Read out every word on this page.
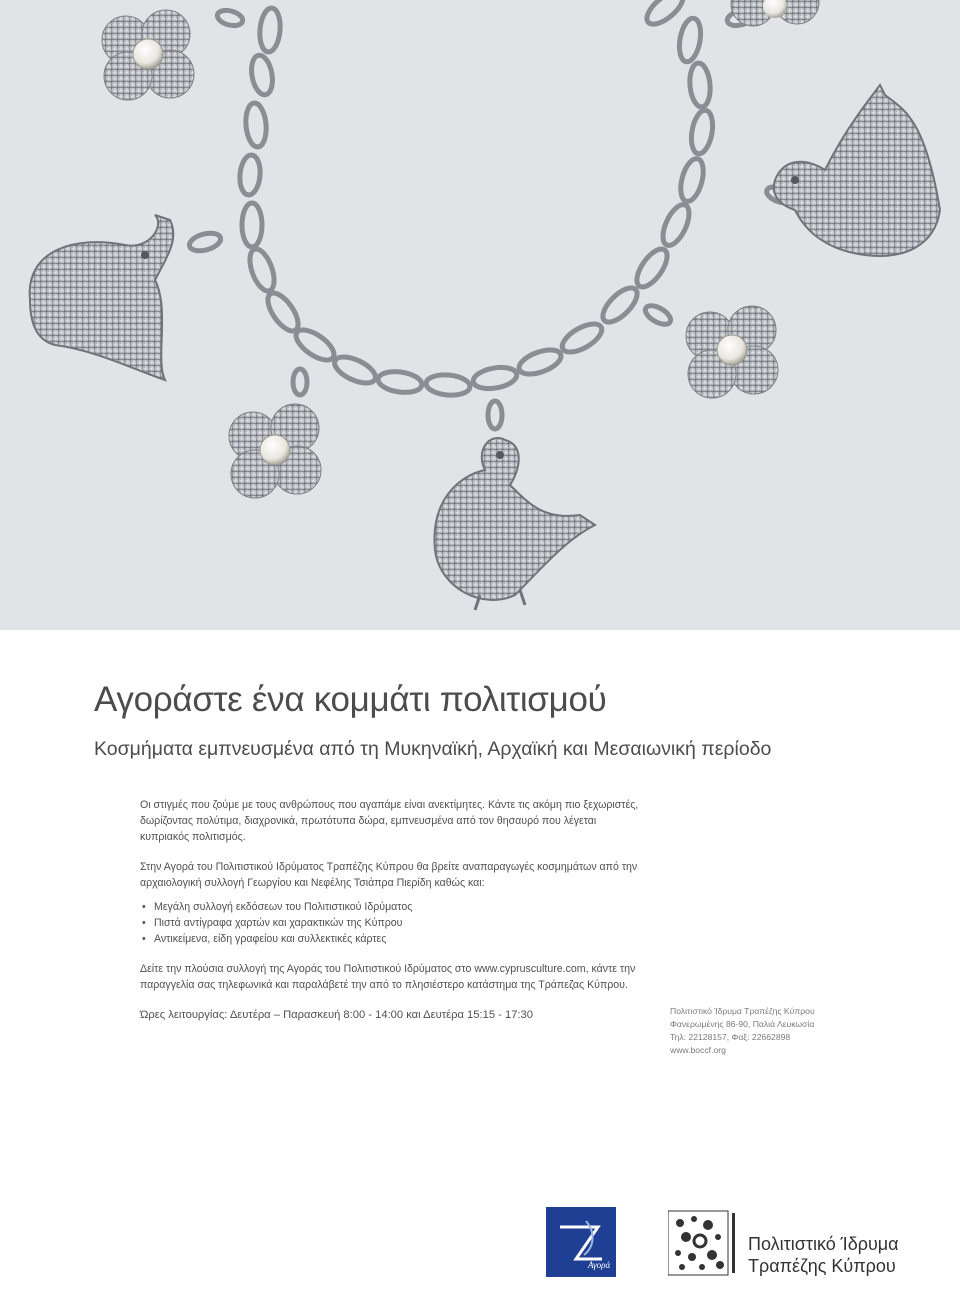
Αγοράστε ένα κομμάτι πολιτισμού
Κοσμήματα εμπνευσμένα από τη Μυκηναϊκή, Αρχαϊκή και Μεσαιωνική περίοδο

Οι στιγμές που ζούμε με τους ανθρώπους που αγαπάμε είναι ανεκτίμητες. Κάντε τις ακόμη πιο ξεχωριστές, δωρίζοντας πολύτιμα, διαχρονικά, πρωτότυπα δώρα, εμπνευσμένα από τον θησαυρό που λέγεται κυπριακός πολιτισμός.

Στην Αγορά του Πολιτιστικού Ιδρύματος Τραπέζης Κύπρου θα βρείτε αναπαραγωγές κοσμημάτων από την αρχαιολογική συλλογή Γεωργίου και Νεφέλης Τσιάπρα Πιερίδη καθώς και:

• Μεγάλη συλλογή εκδόσεων του Πολιτιστικού Ιδρύματος
• Πιστά αντίγραφα χαρτών και χαρακτικών της Κύπρου
• Αντικείμενα, είδη γραφείου και συλλεκτικές κάρτες

Δείτε την πλούσια συλλογή της Αγοράς του Πολιτιστικού Ιδρύματος στο www.cyprusculture.com, κάντε την παραγγελία σας τηλεφωνικά και παραλάβετέ την από το πλησιέστερο κατάστημα της Τράπεζας Κύπρου.

Ώρες λειτουργίας: Δευτέρα – Παρασκευή 8:00 - 14:00 και Δευτέρα 15:15 - 17:30	Πολιτιστικό Ίδρυμα Τραπέζης Κύπρου
Φανερωμένης 86-90, Παλιά Λευκωσία
Τηλ: 22128157, Φαξ: 22662898
www.boccf.org
Αγορά
Πολιτιστικό Ίδρυμα
Τραπέζης Κύπρου
